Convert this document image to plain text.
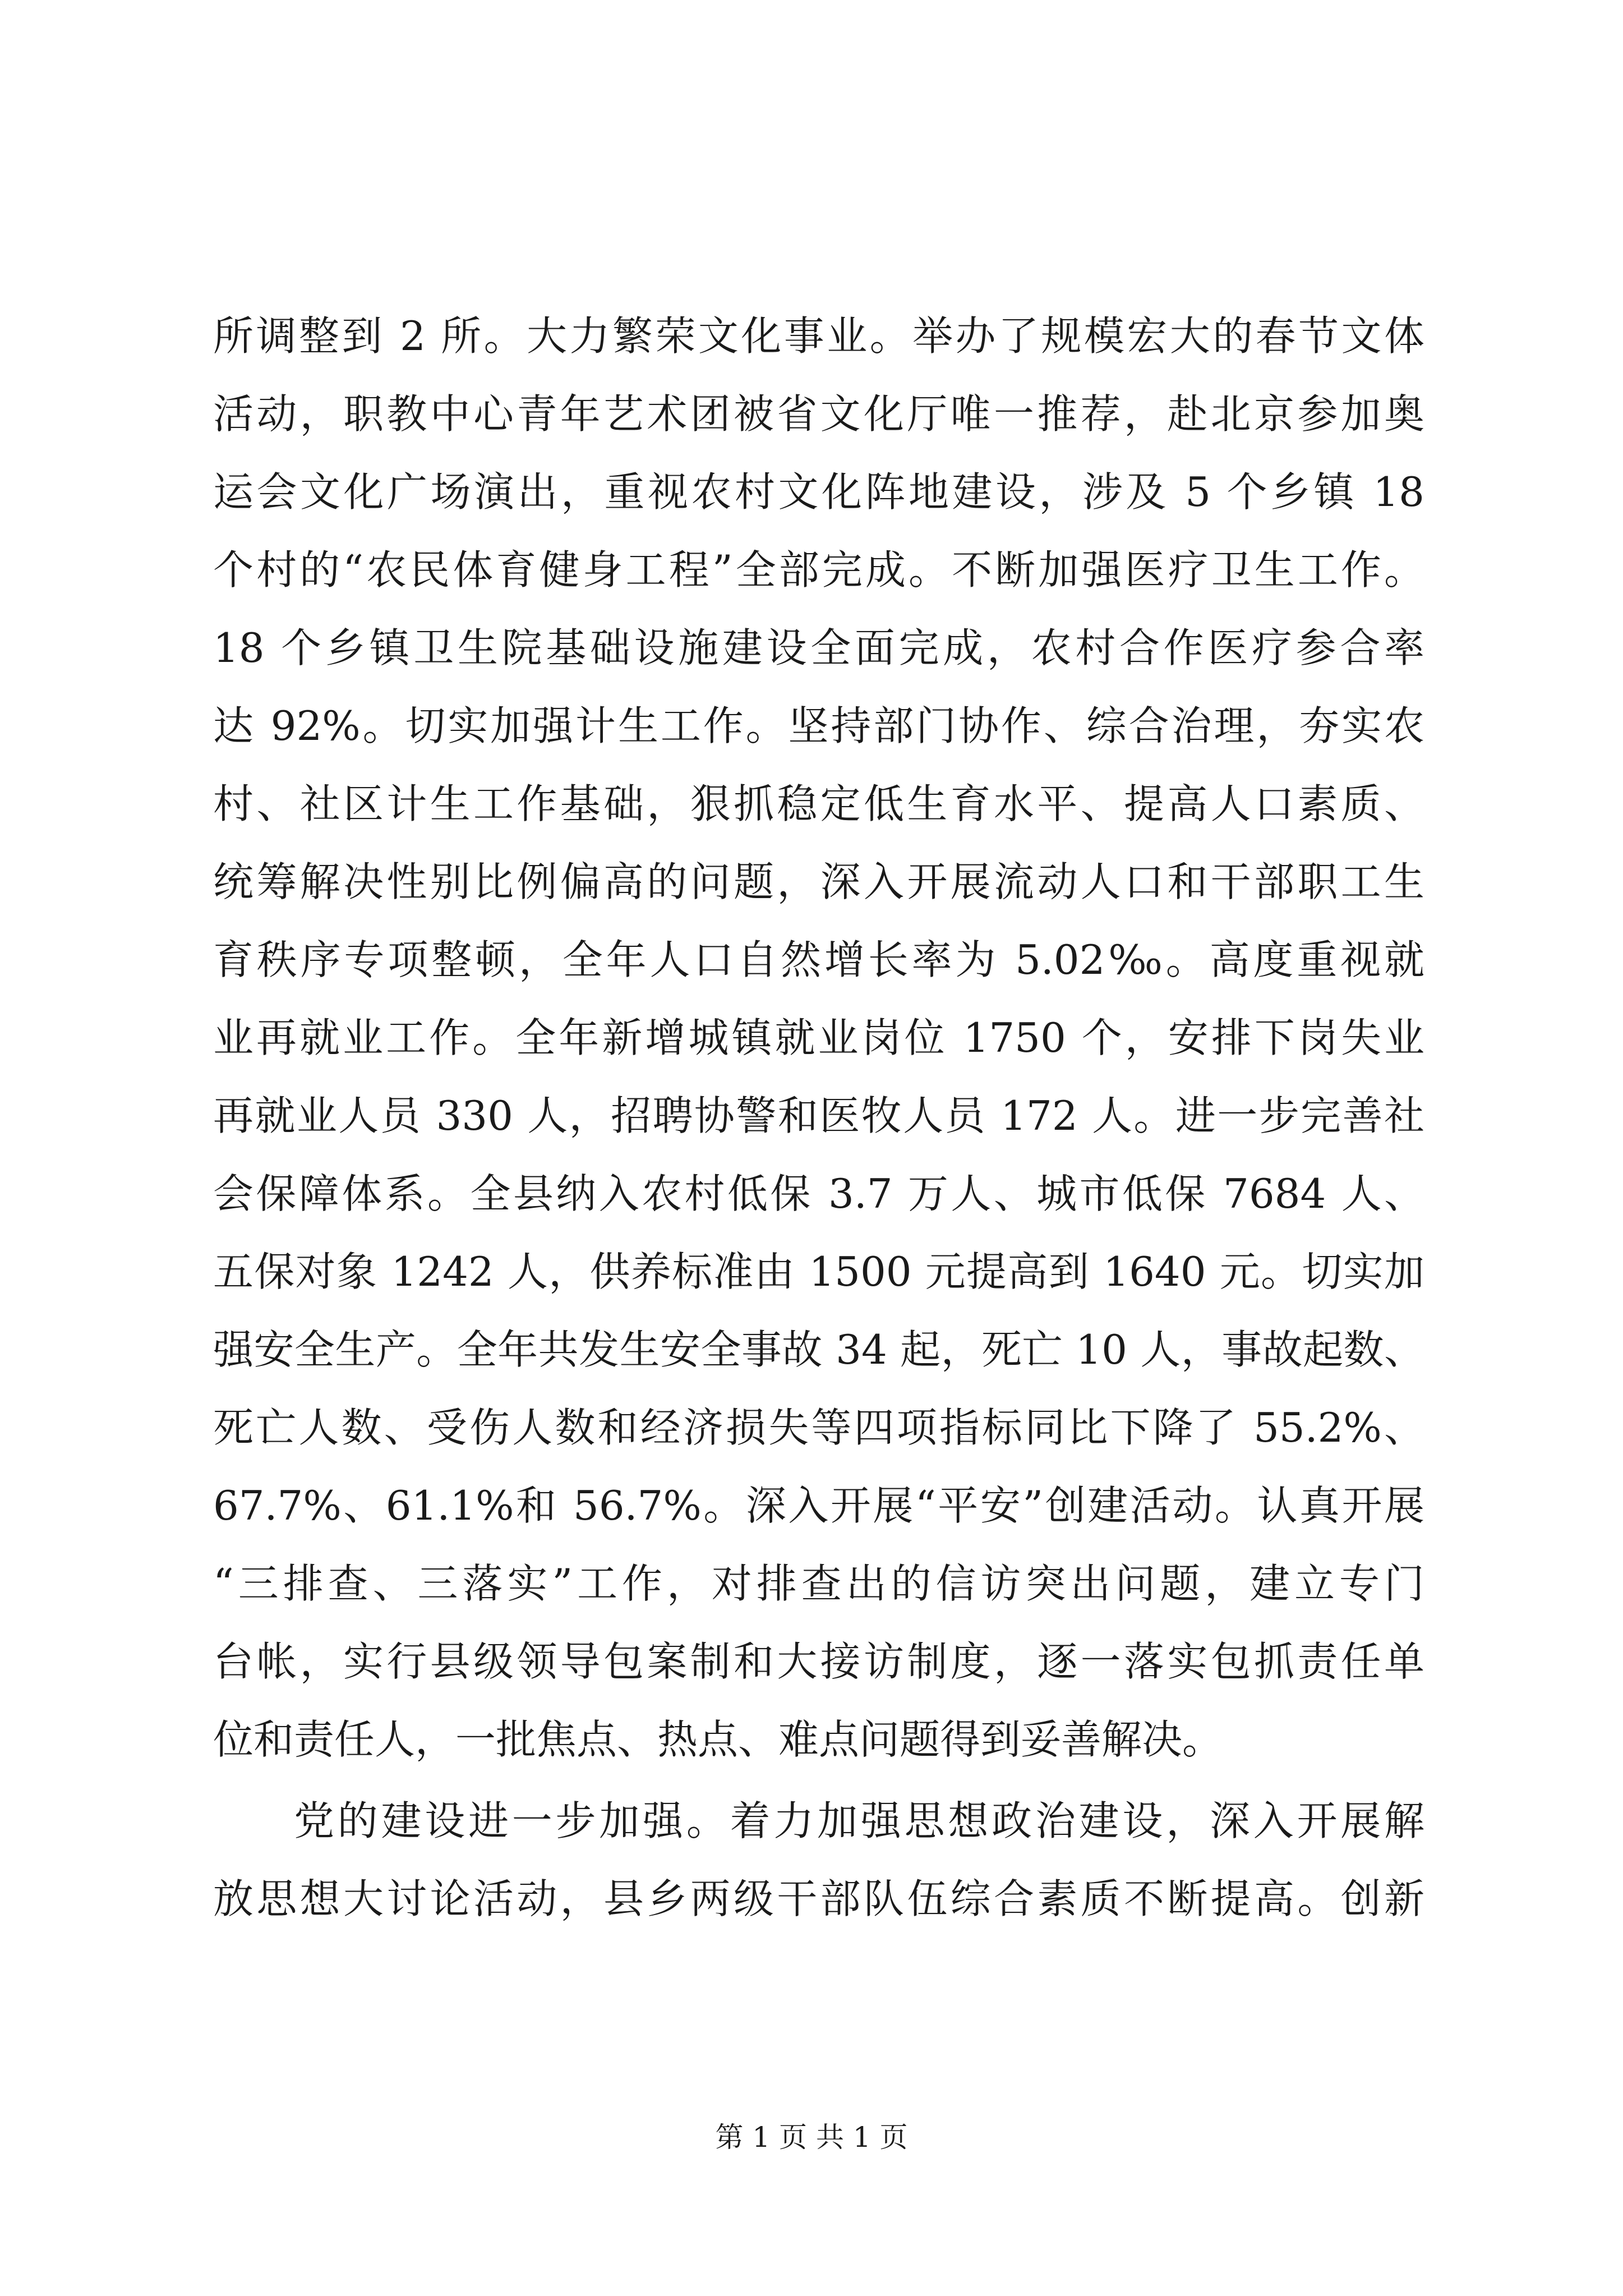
所调整到 2 所。大力繁荣文化事业。举办了规模宏大的春节文体
活动，职教中心青年艺术团被省文化厅唯一推荐，赴北京参加奥
运会文化广场演出，重视农村文化阵地建设，涉及 5 个乡镇 18
个村的“农民体育健身工程”全部完成。不断加强医疗卫生工作。
18 个乡镇卫生院基础设施建设全面完成，农村合作医疗参合率
达 92%。切实加强计生工作。坚持部门协作、综合治理，夯实农
村、社区计生工作基础，狠抓稳定低生育水平、提高人口素质、
统筹解决性别比例偏高的问题，深入开展流动人口和干部职工生
育秩序专项整顿，全年人口自然增长率为 5.02‰。高度重视就
业再就业工作。全年新增城镇就业岗位 1750 个，安排下岗失业
再就业人员 330 人，招聘协警和医牧人员 172 人。进一步完善社
会保障体系。全县纳入农村低保 3.7 万人、城市低保 7684 人、
五保对象 1242 人，供养标准由 1500 元提高到 1640 元。切实加
强安全生产。全年共发生安全事故 34 起，死亡 10 人，事故起数、
死亡人数、受伤人数和经济损失等四项指标同比下降了 55.2%、
67.7%、61.1%和 56.7%。深入开展“平安”创建活动。认真开展
“三排查、三落实”工作，对排查出的信访突出问题，建立专门
台帐，实行县级领导包案制和大接访制度，逐一落实包抓责任单
位和责任人，一批焦点、热点、难点问题得到妥善解决。
党的建设进一步加强。着力加强思想政治建设，深入开展解
放思想大讨论活动，县乡两级干部队伍综合素质不断提高。创新
第 1 页 共 1 页
